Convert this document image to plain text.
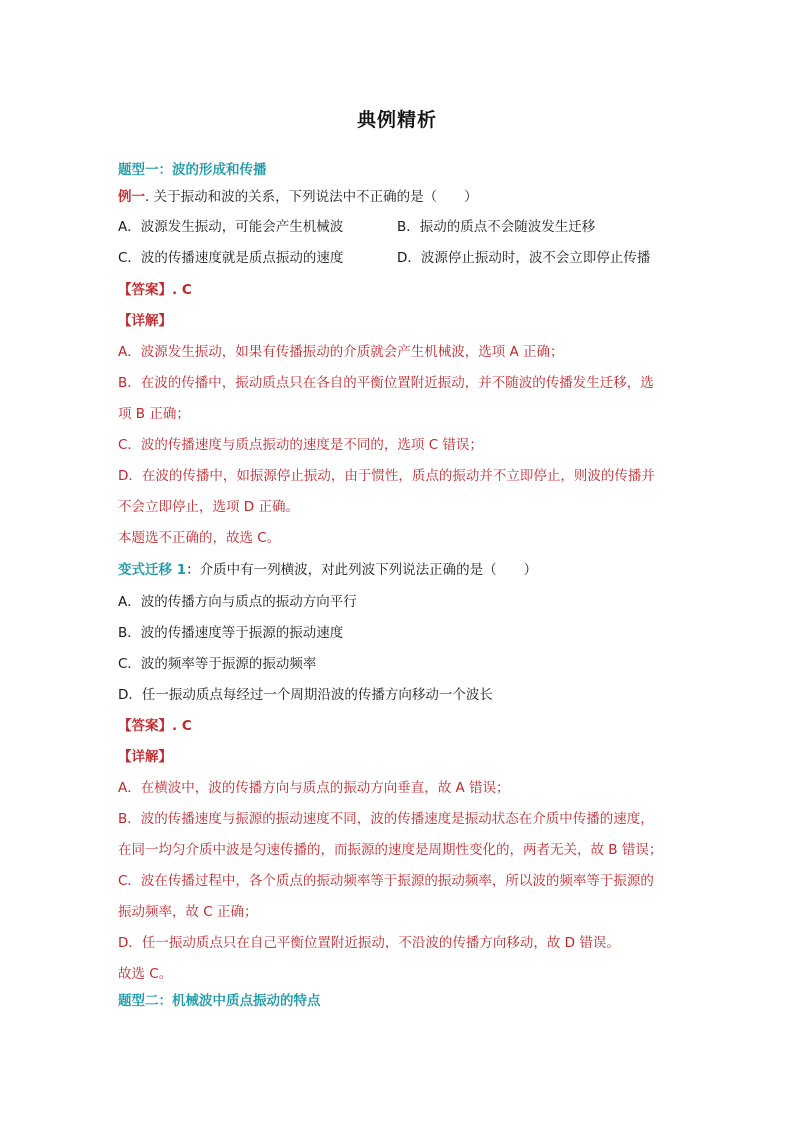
典例精析
题型一：波的形成和传播
例一. 关于振动和波的关系，下列说法中不正确的是（　　）
A．波源发生振动，可能会产生机械波	B．振动的质点不会随波发生迁移
C．波的传播速度就是质点振动的速度	D．波源停止振动时，波不会立即停止传播
【答案】. C
【详解】
A．波源发生振动，如果有传播振动的介质就会产生机械波，选项 A 正确；
B．在波的传播中，振动质点只在各自的平衡位置附近振动，并不随波的传播发生迁移，选
项 B 正确；
C．波的传播速度与质点振动的速度是不同的，选项 C 错误；
D．在波的传播中，如振源停止振动，由于惯性，质点的振动并不立即停止，则波的传播并
不会立即停止，选项 D 正确。
本题选不正确的，故选 C。
变式迁移 1：介质中有一列横波，对此列波下列说法正确的是（　　）
A．波的传播方向与质点的振动方向平行
B．波的传播速度等于振源的振动速度
C．波的频率等于振源的振动频率
D．任一振动质点每经过一个周期沿波的传播方向移动一个波长
【答案】. C
【详解】
A．在横波中，波的传播方向与质点的振动方向垂直，故 A 错误；
B．波的传播速度与振源的振动速度不同，波的传播速度是振动状态在介质中传播的速度，
在同一均匀介质中波是匀速传播的，而振源的速度是周期性变化的，两者无关，故 B 错误；
C．波在传播过程中，各个质点的振动频率等于振源的振动频率，所以波的频率等于振源的
振动频率，故 C 正确；
D．任一振动质点只在自己平衡位置附近振动，不沿波的传播方向移动，故 D 错误。
故选 C。
题型二：机械波中质点振动的特点
